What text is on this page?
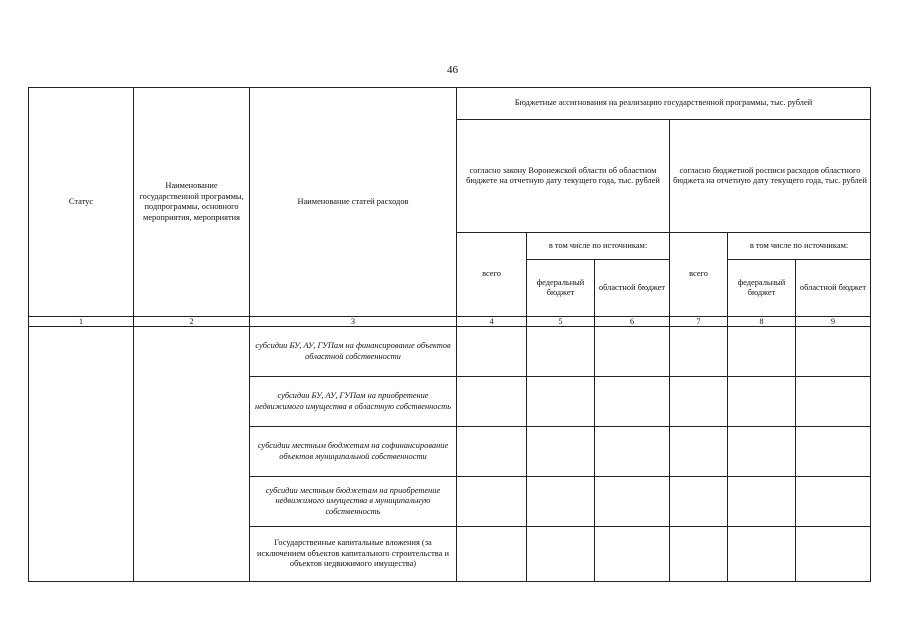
46
Статус	Наименование государственной программы, подпрограммы, основного мероприятия, мероприятия	Наименование статей расходов	Бюджетные ассигнования на реализацию государственной программы, тыс. рублей					
			согласно закону Воронежской области об областном бюджете на отчетную дату текущего года, тыс. рублей			согласно бюджетной росписи расходов областного бюджета на отчетную дату текущего года, тыс. рублей		
			всего	в том числе по источникам:		всего	в том числе по источникам:	
				федеральный бюджет	областной бюджет		федеральный бюджет	областной бюджет
1	2	3	4	5	6	7	8	9
		субсидии БУ, АУ, ГУПам на финансирование объектов областной собственности						
		субсидии БУ, АУ, ГУПам на приобретение недвижимого имущества в областную собственность						
		субсидии местным бюджетам на софинансирование объектов муниципальной собственности						
		субсидии местным бюджетам на приобретение недвижимого имущества в муниципальную собственность						
		Государственные капитальные вложения (за исключением объектов капитального строительства и объектов недвижимого имущества)						
